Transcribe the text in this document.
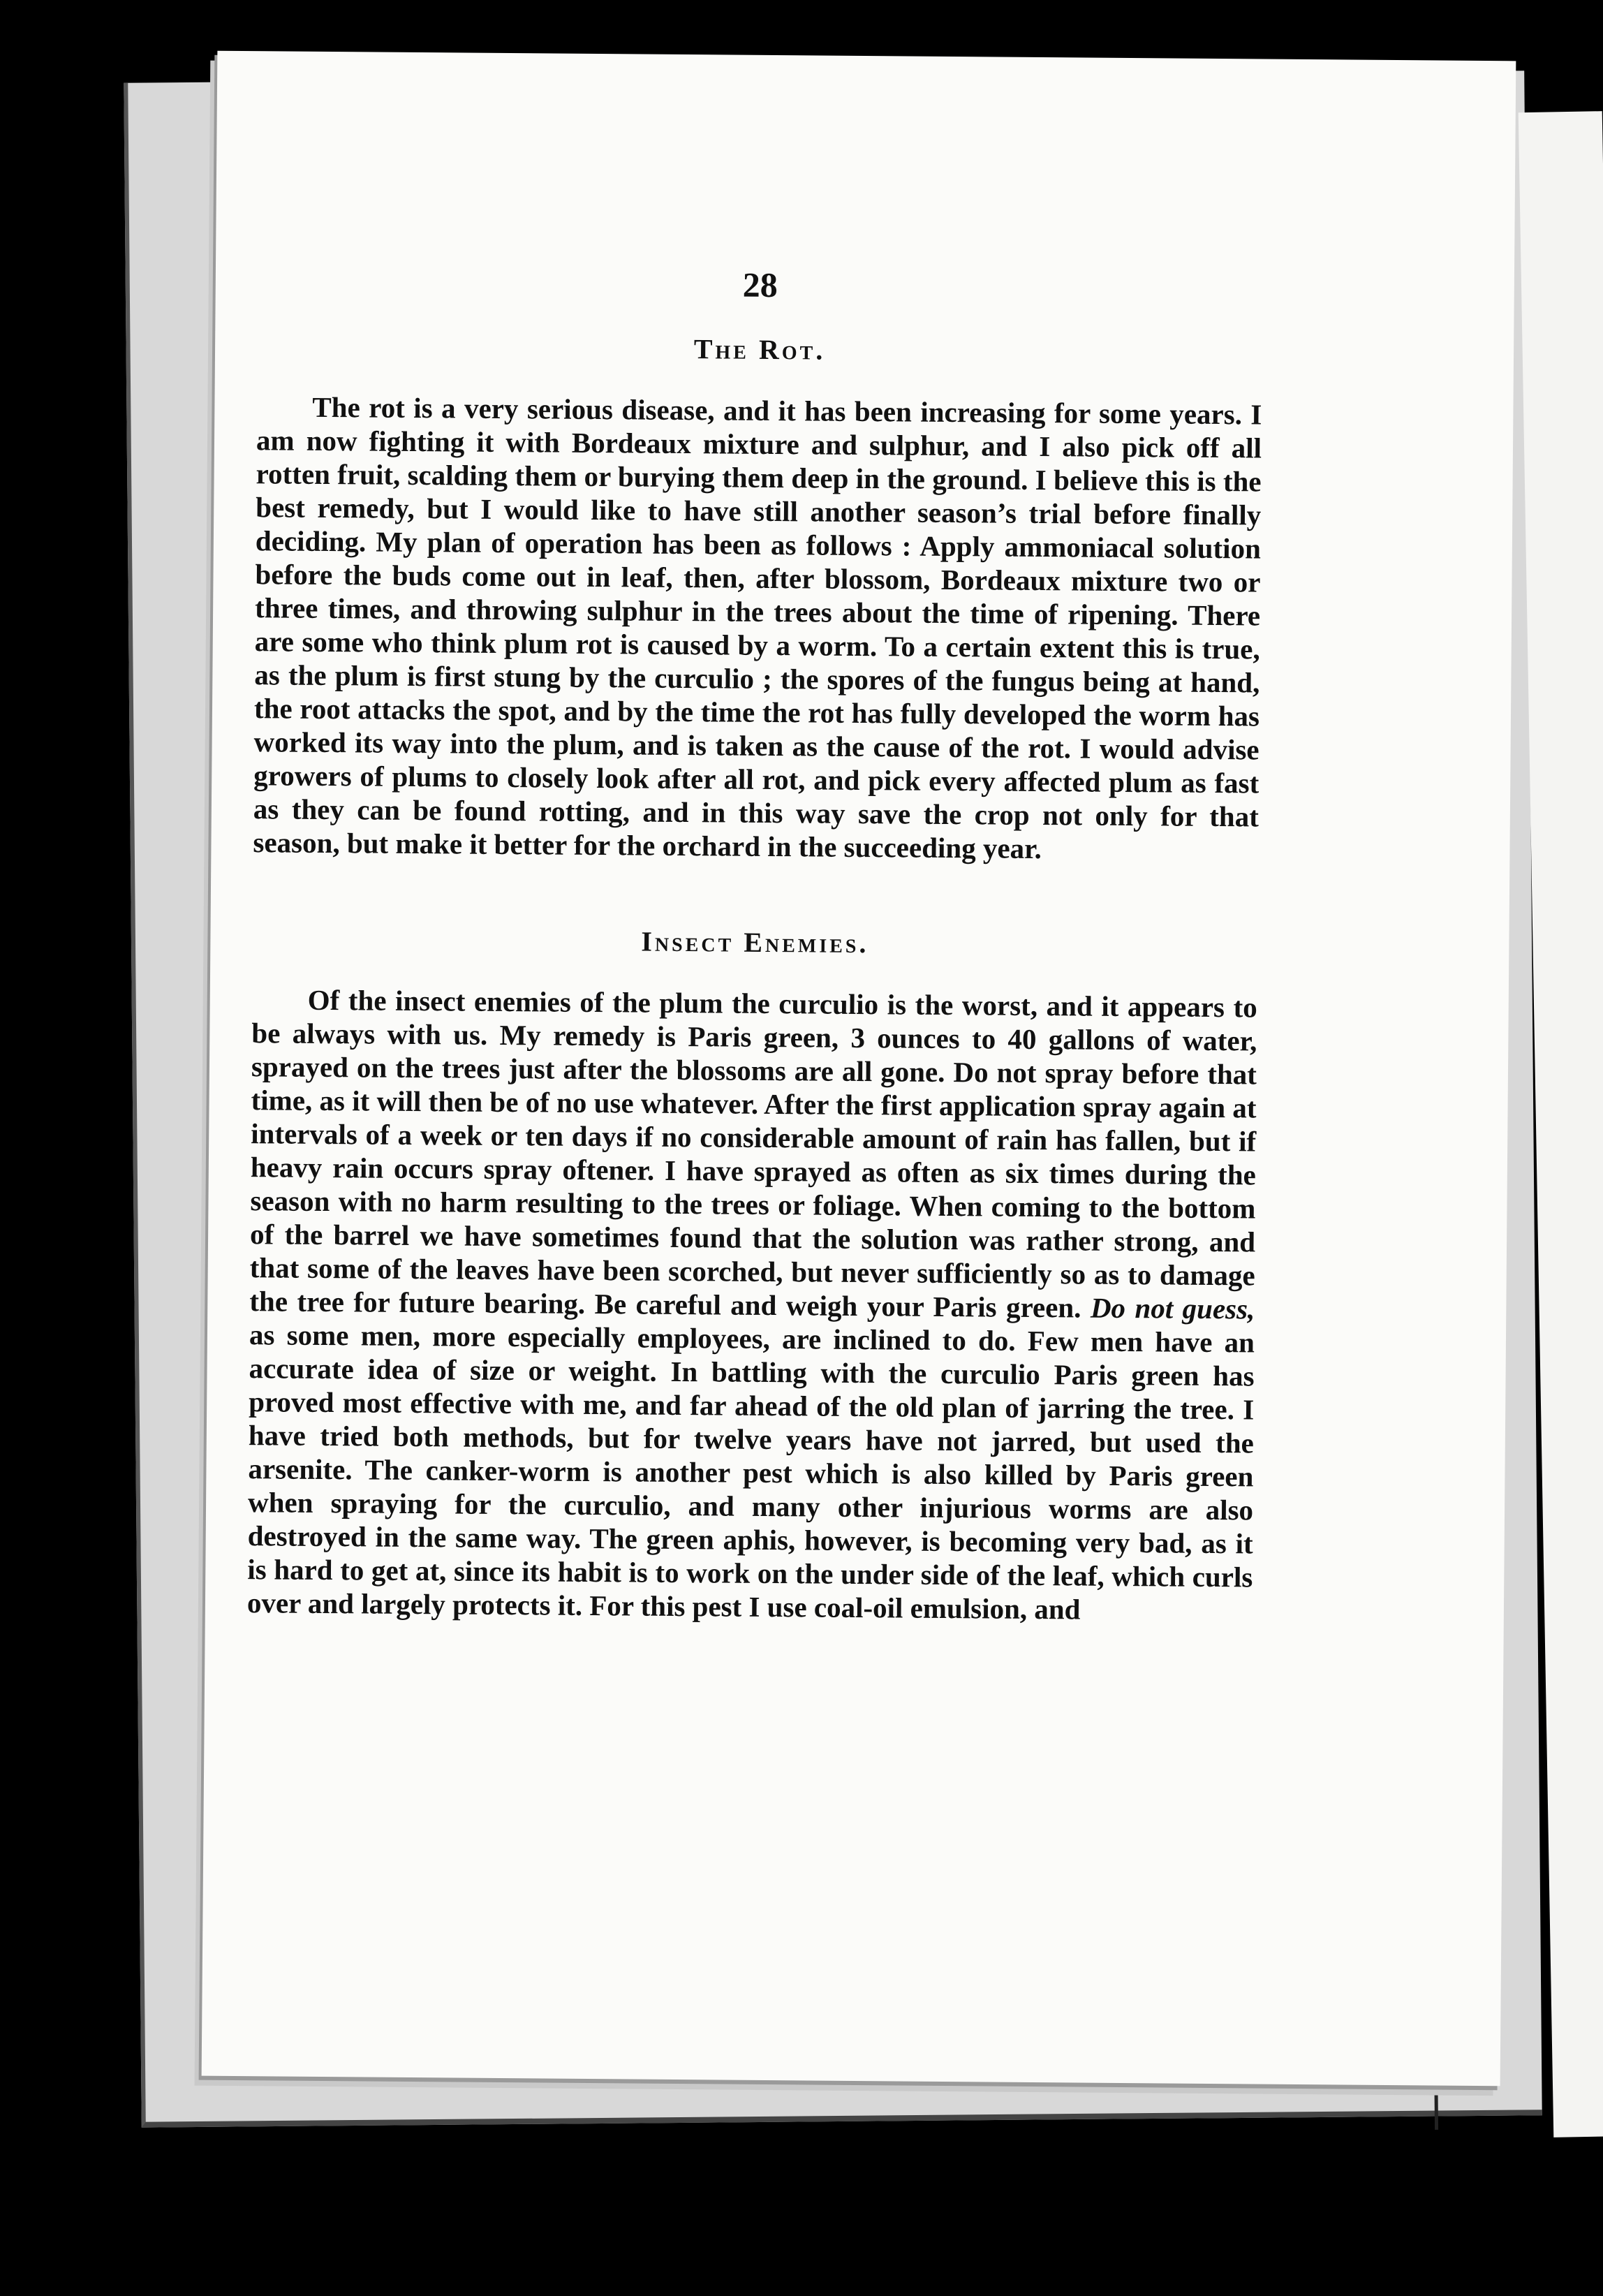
28
The Rot.

The rot is a very serious disease, and it has been increasing for some years. I am now fighting it with Bordeaux mixture and sulphur, and I also pick off all rotten fruit, scalding them or burying them deep in the ground. I believe this is the best remedy, but I would like to have still another season’s trial before finally deciding. My plan of operation has been as follows : Apply ammoniacal solution before the buds come out in leaf, then, after blossom, Bordeaux mixture two or three times, and throwing sulphur in the trees about the time of ripening. There are some who think plum rot is caused by a worm. To a certain extent this is true, as the plum is first stung by the curculio ; the spores of the fungus being at hand, the root attacks the spot, and by the time the rot has fully developed the worm has worked its way into the plum, and is taken as the cause of the rot. I would advise growers of plums to closely look after all rot, and pick every affected plum as fast as they can be found rotting, and in this way save the crop not only for that season, but make it better for the orchard in the succeeding year.

Insect Enemies.

Of the insect enemies of the plum the curculio is the worst, and it appears to be always with us. My remedy is Paris green, 3 ounces to 40 gallons of water, sprayed on the trees just after the blossoms are all gone. Do not spray before that time, as it will then be of no use whatever. After the first application spray again at intervals of a week or ten days if no considerable amount of rain has fallen, but if heavy rain occurs spray oftener. I have sprayed as often as six times during the season with no harm resulting to the trees or foliage. When coming to the bottom of the barrel we have sometimes found that the solution was rather strong, and that some of the leaves have been scorched, but never sufficiently so as to damage the tree for future bearing. Be careful and weigh your Paris green. Do not guess, as some men, more especially employees, are inclined to do. Few men have an accurate idea of size or weight. In battling with the curculio Paris green has proved most effective with me, and far ahead of the old plan of jarring the tree. I have tried both methods, but for twelve years have not jarred, but used the arsenite. The canker-worm is another pest which is also killed by Paris green when spraying for the curculio, and many other injurious worms are also destroyed in the same way. The green aphis, however, is becoming very bad, as it is hard to get at, since its habit is to work on the under side of the leaf, which curls over and largely protects it. For this pest I use coal-oil emulsion, and
